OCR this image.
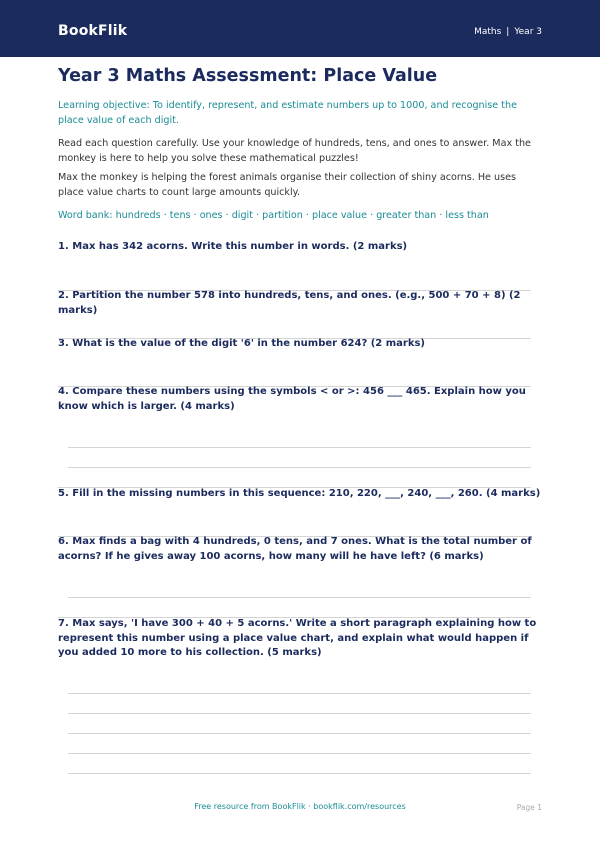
BookFlik	Maths | Year 3
Year 3 Maths Assessment: Place Value

Learning objective: To identify, represent, and estimate numbers up to 1000, and recognise the place value of each digit.

Read each question carefully. Use your knowledge of hundreds, tens, and ones to answer. Max the monkey is here to help you solve these mathematical puzzles!

Max the monkey is helping the forest animals organise their collection of shiny acorns. He uses place value charts to count large amounts quickly.

Word bank: hundreds · tens · ones · digit · partition · place value · greater than · less than

1. Max has 342 acorns. Write this number in words. (2 marks)

2. Partition the number 578 into hundreds, tens, and ones. (e.g., 500 + 70 + 8) (2 marks)

3. What is the value of the digit '6' in the number 624? (2 marks)

4. Compare these numbers using the symbols < or >: 456 ___ 465. Explain how you know which is larger. (4 marks)

5. Fill in the missing numbers in this sequence: 210, 220, ___, 240, ___, 260. (4 marks)

6. Max finds a bag with 4 hundreds, 0 tens, and 7 ones. What is the total number of acorns? If he gives away 100 acorns, how many will he have left? (6 marks)

7. Max says, 'I have 300 + 40 + 5 acorns.' Write a short paragraph explaining how to represent this number using a place value chart, and explain what would happen if you added 10 more to his collection. (5 marks)

Free resource from BookFlik · bookflik.com/resources	Page 1
